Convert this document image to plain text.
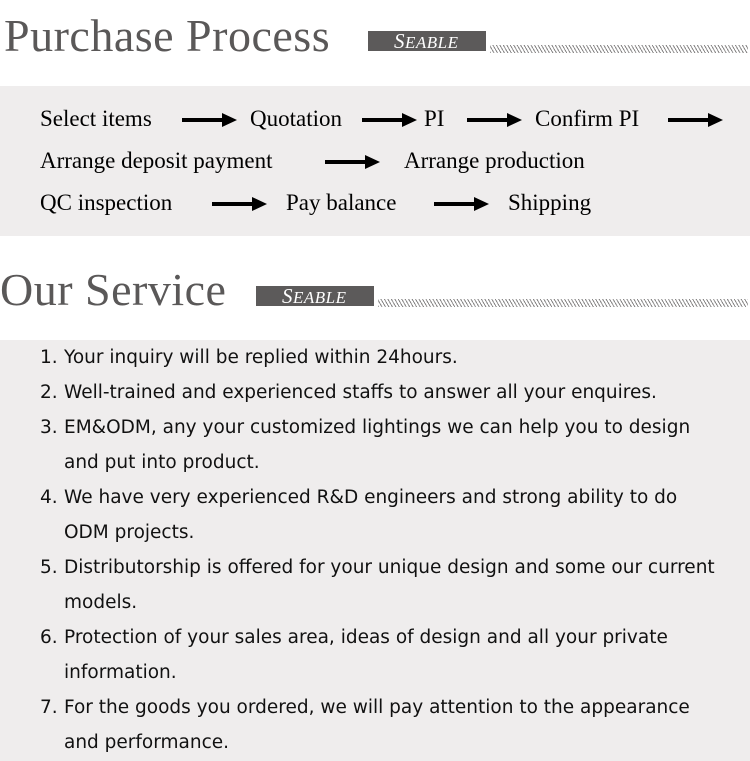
Purchase Process	SEABLE
Select items	Quotation	PI	Confirm PI
Arrange deposit payment	Arrange production
QC inspection	Pay balance	Shipping
Our Service	SEABLE
1. Your inquiry will be replied within 24hours.
2. Well-trained and experienced staffs to answer all your enquires.
3. EM&ODM, any your customized lightings we can help you to design and put into product.
4. We have very experienced R&D engineers and strong ability to do ODM projects.
5. Distributorship is offered for your unique design and some our current models.
6. Protection of your sales area, ideas of design and all your private information.
7. For the goods you ordered, we will pay attention to the appearance and performance.
